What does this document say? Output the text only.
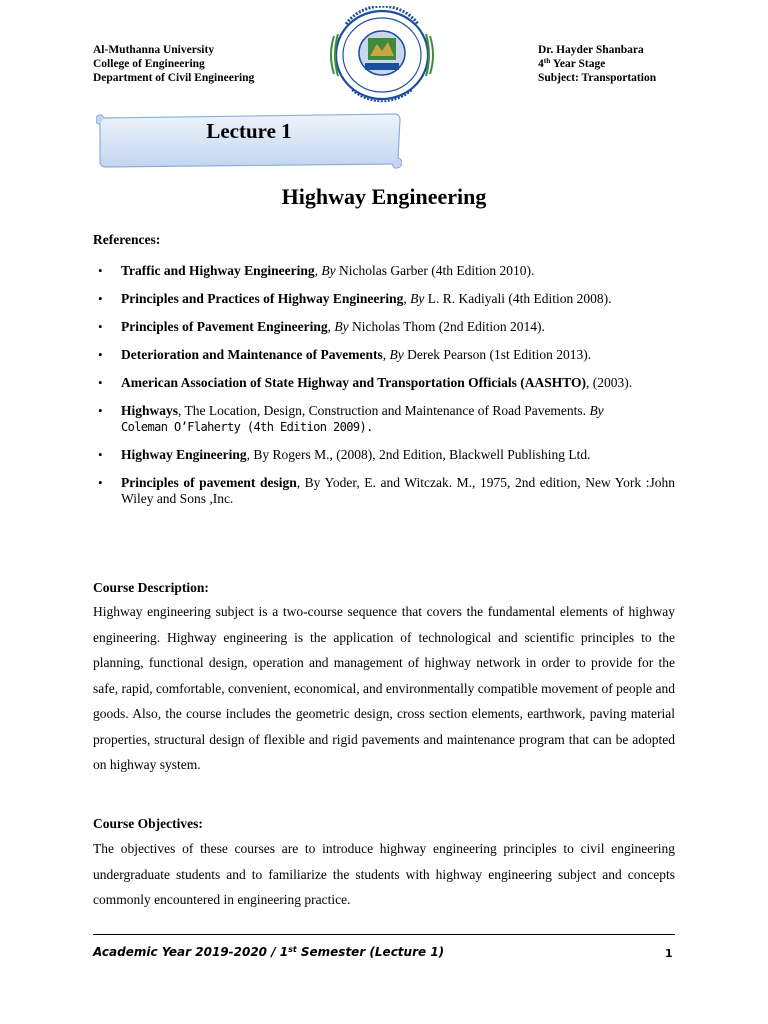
Al-Muthanna University
College of Engineering
Department of Civil Engineering
Dr. Hayder Shanbara
4th Year Stage
Subject: Transportation
Lecture 1
Highway Engineering
References:
• Traffic and Highway Engineering, By Nicholas Garber (4th Edition 2010).
• Principles and Practices of Highway Engineering, By L. R. Kadiyali (4th Edition 2008).
• Principles of Pavement Engineering, By Nicholas Thom (2nd Edition 2014).
• Deterioration and Maintenance of Pavements, By Derek Pearson (1st Edition 2013).
• American Association of State Highway and Transportation Officials (AASHTO), (2003).
• Highways, The Location, Design, Construction and Maintenance of Road Pavements. By
Coleman O’Flaherty (4th Edition 2009).
• Highway Engineering, By Rogers M., (2008), 2nd Edition, Blackwell Publishing Ltd.
• Principles of pavement design, By Yoder, E. and Witczak. M., 1975, 2nd edition, New York :John Wiley and Sons ,Inc.
Course Description:

Highway engineering subject is a two-course sequence that covers the fundamental elements of highway engineering. Highway engineering is the application of technological and scientific principles to the planning, functional design, operation and management of highway network in order to provide for the safe, rapid, comfortable, convenient, economical, and environmentally compatible movement of people and goods. Also, the course includes the geometric design, cross section elements, earthwork, paving material properties, structural design of flexible and rigid pavements and maintenance program that can be adopted on highway system.

Course Objectives:

The objectives of these courses are to introduce highway engineering principles to civil engineering undergraduate students and to familiarize the students with highway engineering subject and concepts commonly encountered in engineering practice.

Academic Year 2019-2020 / 1st Semester (Lecture 1)	1
